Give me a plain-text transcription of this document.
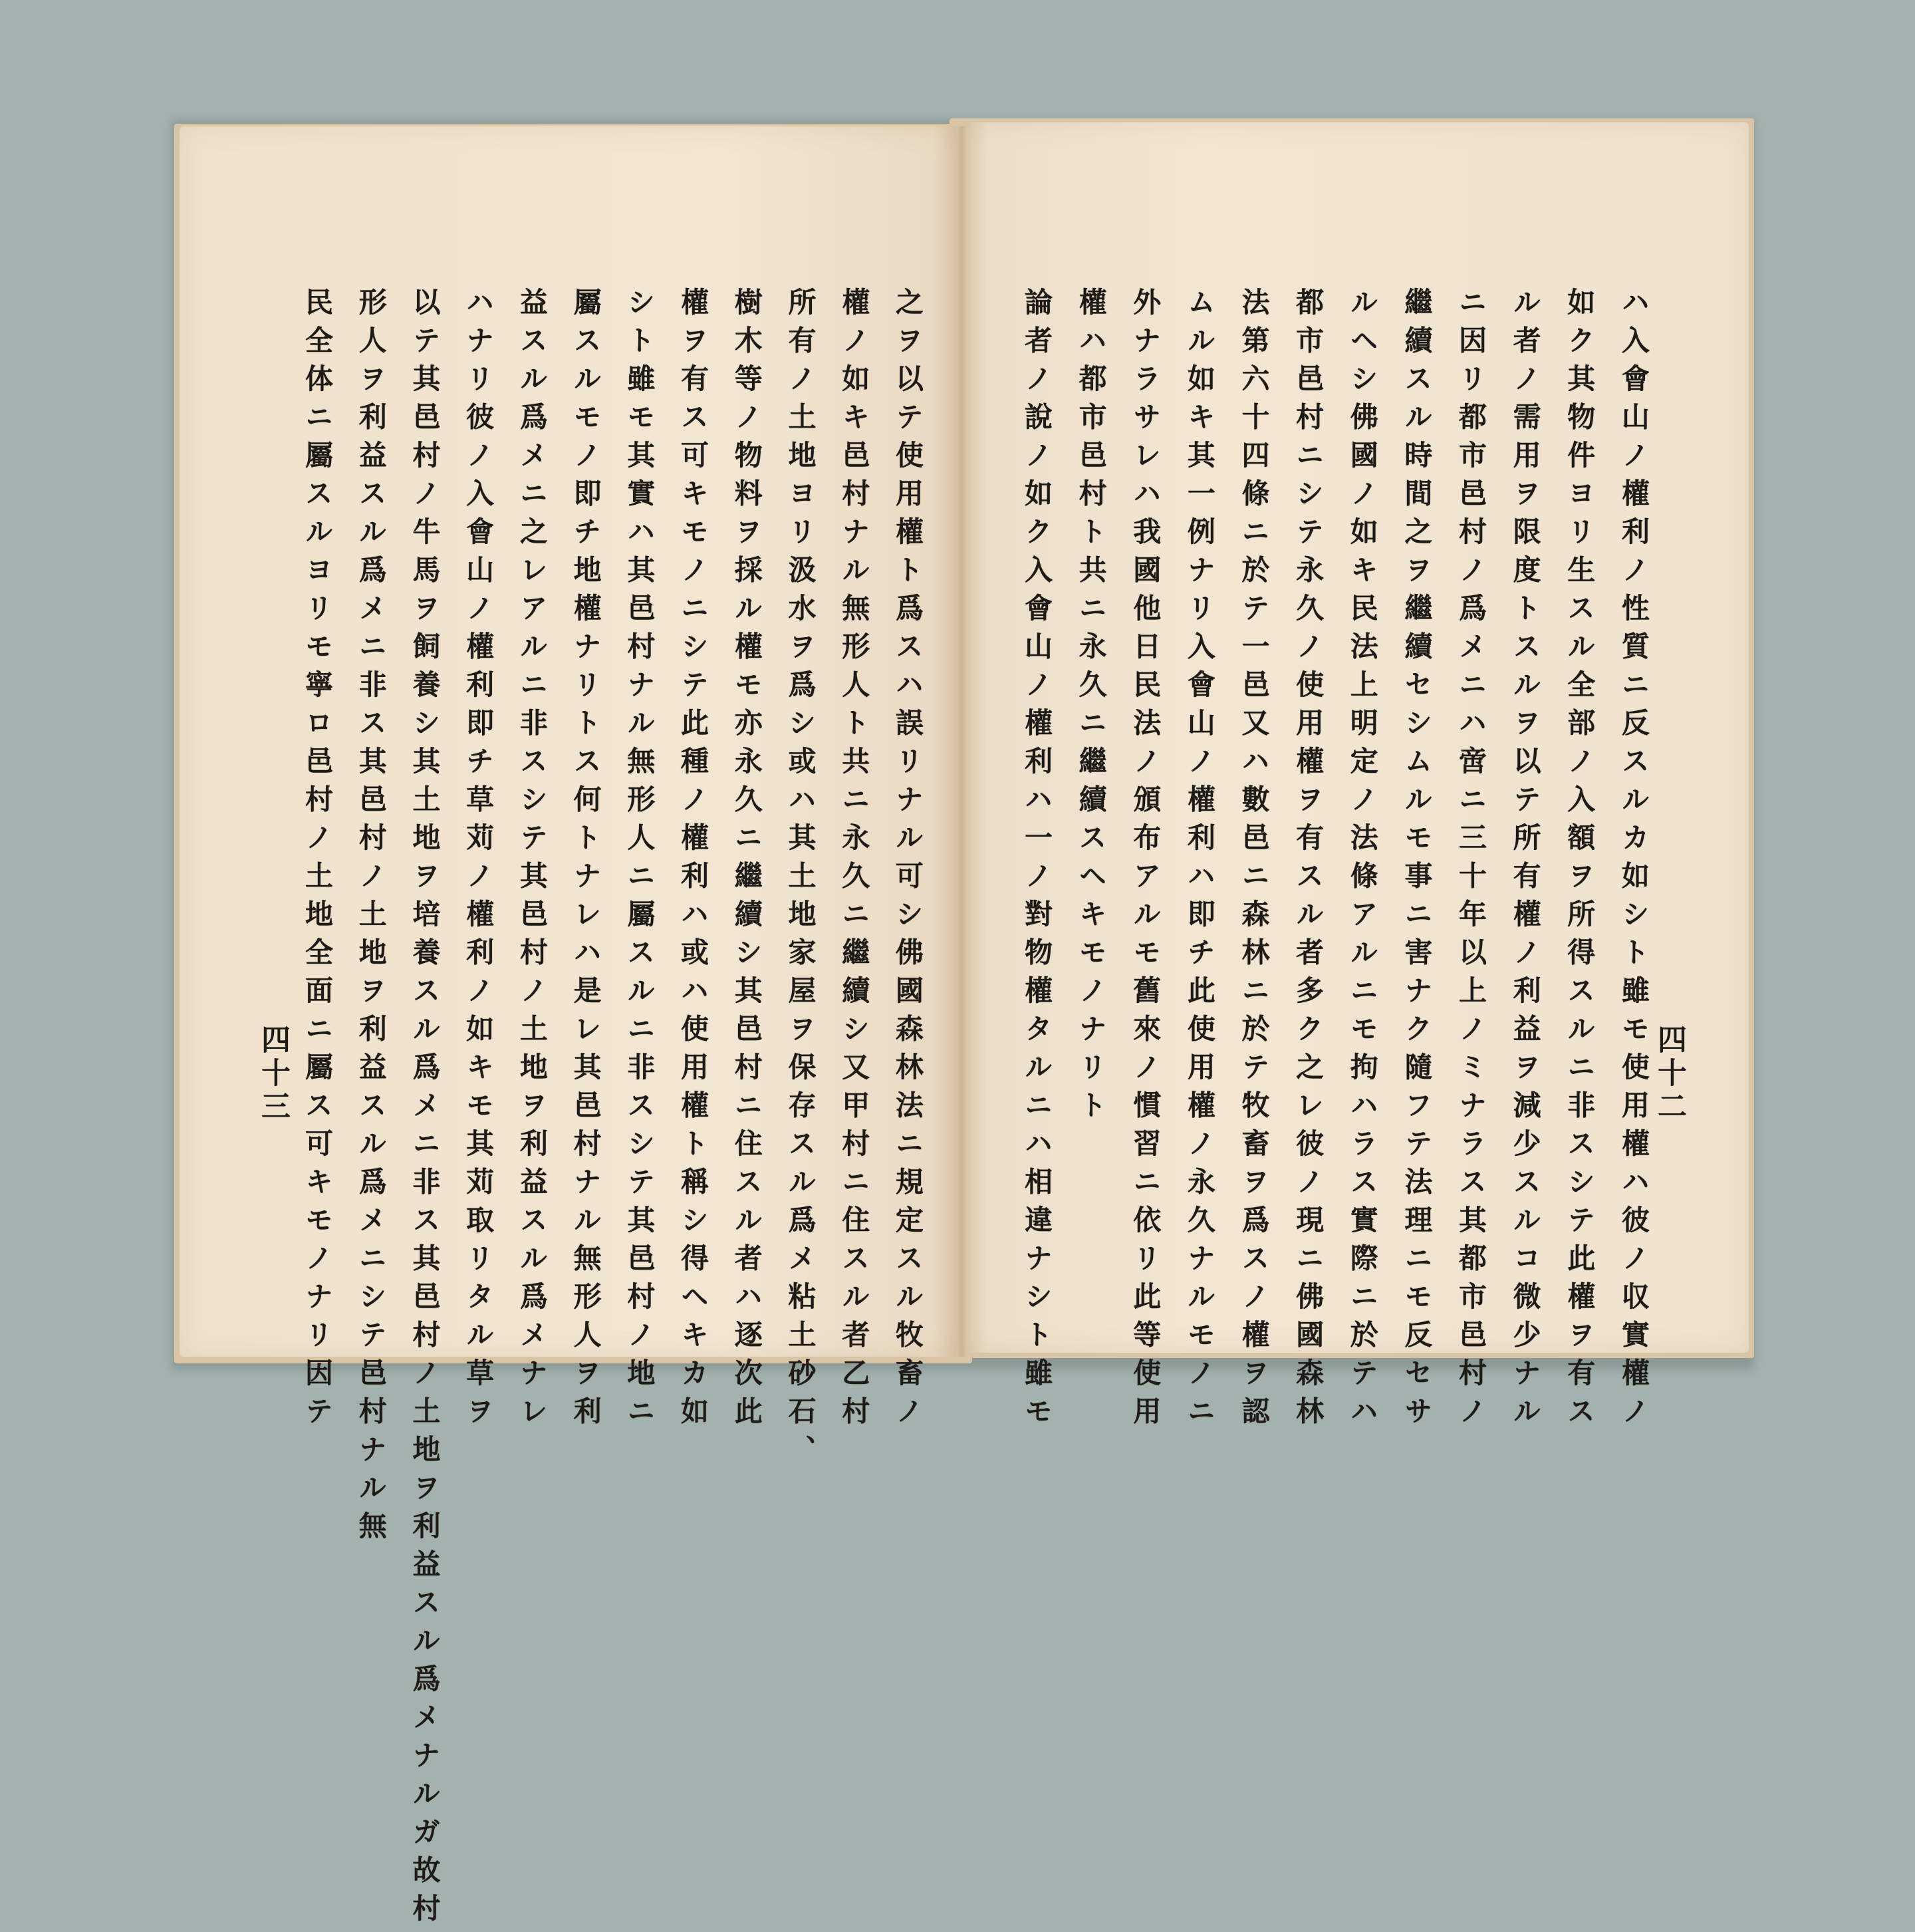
ハ入會山ノ權利ノ性質ニ反スルカ如シト雖モ使用權ハ彼ノ収實權ノ
如ク其物件ヨリ生スル全部ノ入額ヲ所得スルニ非スシテ此權ヲ有ス
ル者ノ需用ヲ限度トスルヲ以テ所有權ノ利益ヲ減少スルコ微少ナル
ニ因リ都市邑村ノ爲メニハ啻ニ三十年以上ノミナラス其都市邑村ノ
繼續スル時間之ヲ繼續セシムルモ事ニ害ナク隨フテ法理ニモ反セサ
ルヘシ佛國ノ如キ民法上明定ノ法條アルニモ拘ハラス實際ニ於テハ
都市邑村ニシテ永久ノ使用權ヲ有スル者多ク之レ彼ノ現ニ佛國森林
法第六十四條ニ於テ一邑又ハ數邑ニ森林ニ於テ牧畜ヲ爲スノ權ヲ認
ムル如キ其一例ナリ入會山ノ權利ハ即チ此使用權ノ永久ナルモノニ
外ナラサレハ我國他日民法ノ頒布アルモ舊來ノ慣習ニ依リ此等使用
權ハ都市邑村ト共ニ永久ニ繼續スヘキモノナリト
論者ノ說ノ如ク入會山ノ權利ハ一ノ對物權タルニハ相違ナシト雖モ	四十二
之ヲ以テ使用權ト爲スハ誤リナル可シ佛國森林法ニ規定スル牧畜ノ
權ノ如キ邑村ナル無形人ト共ニ永久ニ繼續シ又甲村ニ住スル者乙村
所有ノ土地ヨリ汲水ヲ爲シ或ハ其土地家屋ヲ保存スル爲メ粘土砂石、
樹木等ノ物料ヲ採ル權モ亦永久ニ繼續シ其邑村ニ住スル者ハ逐次此
權ヲ有ス可キモノニシテ此種ノ權利ハ或ハ使用權ト稱シ得ヘキカ如
シト雖モ其實ハ其邑村ナル無形人ニ屬スルニ非スシテ其邑村ノ地ニ
屬スルモノ即チ地權ナリトス何トナレハ是レ其邑村ナル無形人ヲ利
益スル爲メニ之レアルニ非スシテ其邑村ノ土地ヲ利益スル爲メナレ
ハナリ彼ノ入會山ノ權利即チ草苅ノ權利ノ如キモ其苅取リタル草ヲ
以テ其邑村ノ牛馬ヲ飼養シ其土地ヲ培養スル爲メニ非ス其邑村ノ土地ヲ利益スル爲メナルガ故村
形人ヲ利益スル爲メニ非ス其邑村ノ土地ヲ利益スル爲メニシテ邑村ナル無
民全体ニ屬スルヨリモ寧ロ邑村ノ土地全面ニ屬ス可キモノナリ因テ
四十三
